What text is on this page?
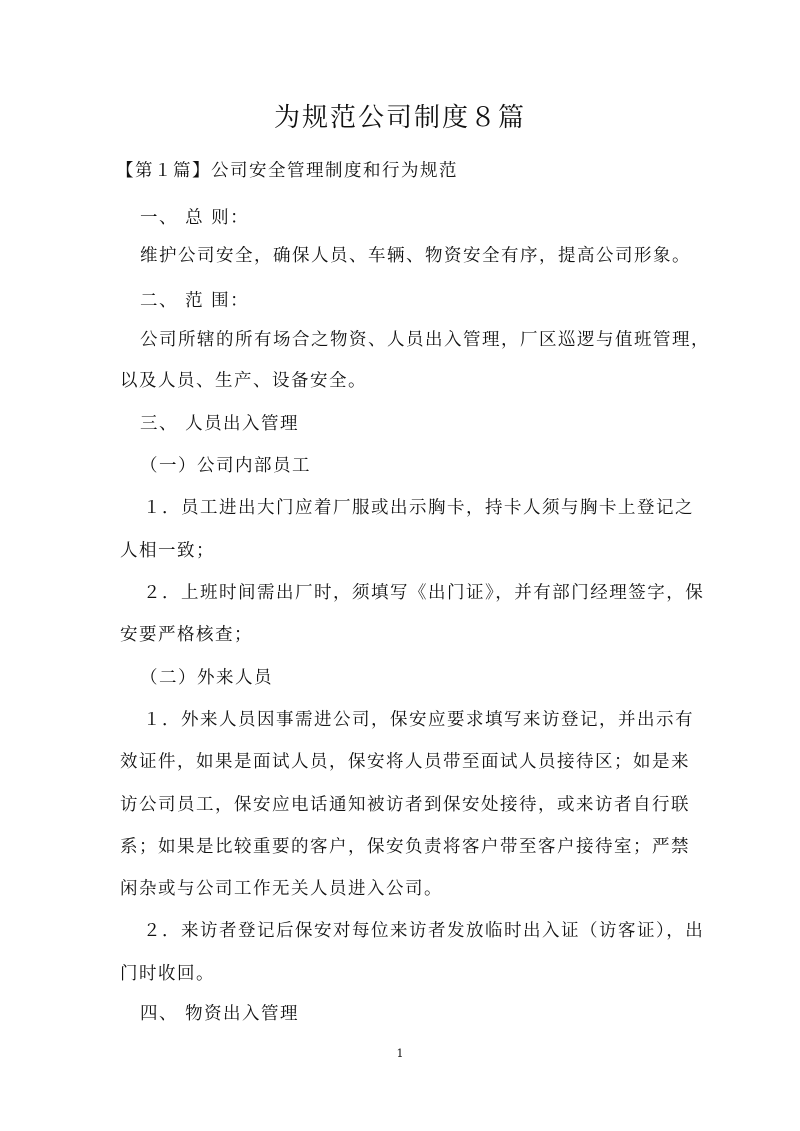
为规范公司制度８篇
【第１篇】公司安全管理制度和行为规范
一、 总 则：
维护公司安全，确保人员、车辆、物资安全有序，提高公司形象。
二、 范 围：
公司所辖的所有场合之物资、人员出入管理，厂区巡逻与值班管理，
以及人员、生产、设备安全。
三、 人员出入管理
（一）公司内部员工
１．员工进出大门应着厂服或出示胸卡，持卡人须与胸卡上登记之
人相一致；
２．上班时间需出厂时，须填写《出门证》，并有部门经理签字，保
安要严格核查；
（二）外来人员
１．外来人员因事需进公司，保安应要求填写来访登记，并出示有
效证件，如果是面试人员，保安将人员带至面试人员接待区；如是来
访公司员工，保安应电话通知被访者到保安处接待，或来访者自行联
系；如果是比较重要的客户，保安负责将客户带至客户接待室；严禁
闲杂或与公司工作无关人员进入公司。
２．来访者登记后保安对每位来访者发放临时出入证（访客证），出
门时收回。
四、 物资出入管理
1
